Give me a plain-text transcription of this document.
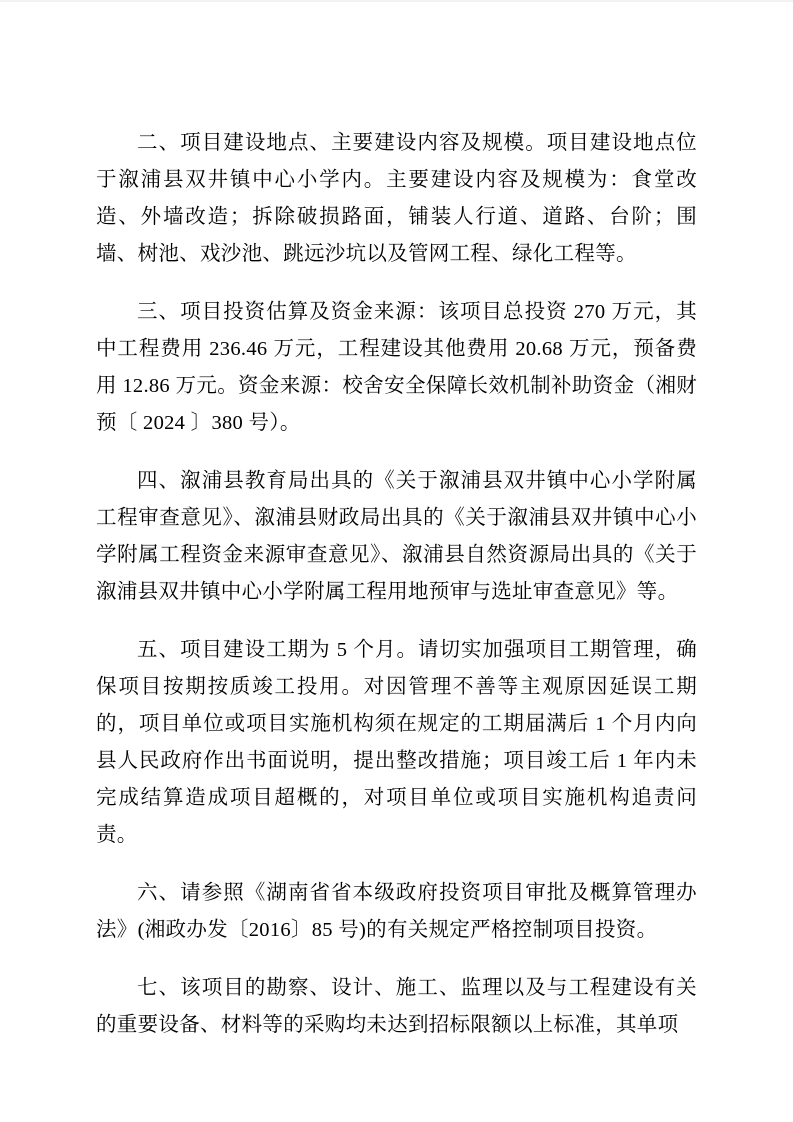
二、项目建设地点、主要建设内容及规模。项目建设地点位于溆浦县双井镇中心小学内。主要建设内容及规模为：食堂改造、外墙改造；拆除破损路面，铺装人行道、道路、台阶；围墙、树池、戏沙池、跳远沙坑以及管网工程、绿化工程等。

三、项目投资估算及资金来源：该项目总投资 270 万元，其中工程费用 236.46 万元，工程建设其他费用 20.68 万元，预备费用 12.86 万元。资金来源：校舍安全保障长效机制补助资金（湘财预〔 2024 〕380 号）。

四、溆浦县教育局出具的《关于溆浦县双井镇中心小学附属工程审查意见》、溆浦县财政局出具的《关于溆浦县双井镇中心小学附属工程资金来源审查意见》、溆浦县自然资源局出具的《关于溆浦县双井镇中心小学附属工程用地预审与选址审查意见》等。

五、项目建设工期为 5 个月。请切实加强项目工期管理，确保项目按期按质竣工投用。对因管理不善等主观原因延误工期的，项目单位或项目实施机构须在规定的工期届满后 1 个月内向县人民政府作出书面说明，提出整改措施；项目竣工后 1 年内未完成结算造成项目超概的，对项目单位或项目实施机构追责问责。

六、请参照《湖南省省本级政府投资项目审批及概算管理办法》(湘政办发〔2016〕85 号)的有关规定严格控制项目投资。

七、该项目的勘察、设计、施工、监理以及与工程建设有关的重要设备、材料等的采购均未达到招标限额以上标准，其单项
